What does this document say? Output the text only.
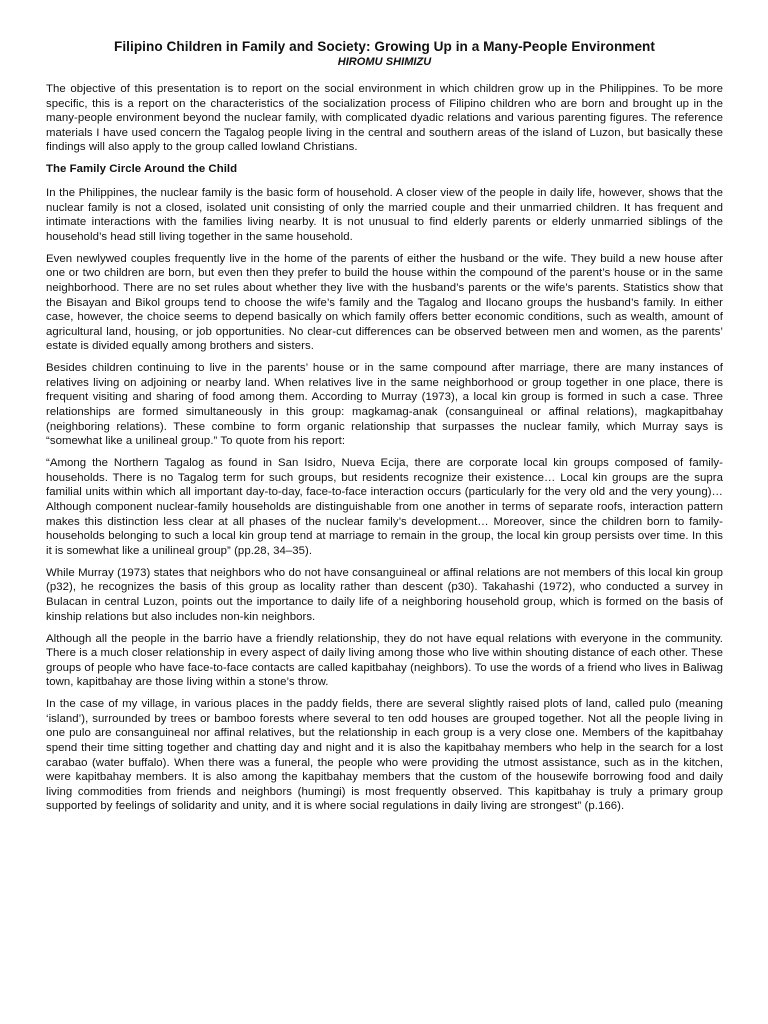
Filipino Children in Family and Society: Growing Up in a Many-People Environment
HIROMU SHIMIZU

The objective of this presentation is to report on the social environment in which children grow up in the Philippines. To be more specific, this is a report on the characteristics of the socialization process of Filipino children who are born and brought up in the many-people environment beyond the nuclear family, with complicated dyadic relations and various parenting figures. The reference materials I have used concern the Tagalog people living in the central and southern areas of the island of Luzon, but basically these findings will also apply to the group called lowland Christians.

The Family Circle Around the Child

In the Philippines, the nuclear family is the basic form of household. A closer view of the people in daily life, however, shows that the nuclear family is not a closed, isolated unit consisting of only the married couple and their unmarried children. It has frequent and intimate interactions with the families living nearby. It is not unusual to find elderly parents or elderly unmarried siblings of the household’s head still living together in the same household.

Even newlywed couples frequently live in the home of the parents of either the husband or the wife. They build a new house after one or two children are born, but even then they prefer to build the house within the compound of the parent’s house or in the same neighborhood. There are no set rules about whether they live with the husband’s parents or the wife’s parents. Statistics show that the Bisayan and Bikol groups tend to choose the wife’s family and the Tagalog and Ilocano groups the husband’s family. In either case, however, the choice seems to depend basically on which family offers better economic conditions, such as wealth, amount of agricultural land, housing, or job opportunities. No clear-cut differences can be observed between men and women, as the parents’ estate is divided equally among brothers and sisters.

Besides children continuing to live in the parents’ house or in the same compound after marriage, there are many instances of relatives living on adjoining or nearby land. When relatives live in the same neighborhood or group together in one place, there is frequent visiting and sharing of food among them. According to Murray (1973), a local kin group is formed in such a case. Three relationships are formed simultaneously in this group: magkamag-anak (consanguineal or affinal relations), magkapitbahay (neighboring relations). These combine to form organic relationship that surpasses the nuclear family, which Murray says is “somewhat like a unilineal group.” To quote from his report:

“Among the Northern Tagalog as found in San Isidro, Nueva Ecija, there are corporate local kin groups composed of family-households. There is no Tagalog term for such groups, but residents recognize their existence… Local kin groups are the supra familial units within which all important day-to-day, face-to-face interaction occurs (particularly for the very old and the very young)… Although component nuclear-family households are distinguishable from one another in terms of separate roofs, interaction pattern makes this distinction less clear at all phases of the nuclear family’s development… Moreover, since the children born to family-households belonging to such a local kin group tend at marriage to remain in the group, the local kin group persists over time. In this it is somewhat like a unilineal group” (pp.28, 34–35).

While Murray (1973) states that neighbors who do not have consanguineal or affinal relations are not members of this local kin group (p32), he recognizes the basis of this group as locality rather than descent (p30). Takahashi (1972), who conducted a survey in Bulacan in central Luzon, points out the importance to daily life of a neighboring household group, which is formed on the basis of kinship relations but also includes non-kin neighbors.

Although all the people in the barrio have a friendly relationship, they do not have equal relations with everyone in the community. There is a much closer relationship in every aspect of daily living among those who live within shouting distance of each other. These groups of people who have face-to-face contacts are called kapitbahay (neighbors). To use the words of a friend who lives in Baliwag town, kapitbahay are those living within a stone’s throw.

In the case of my village, in various places in the paddy fields, there are several slightly raised plots of land, called pulo (meaning ‘island’), surrounded by trees or bamboo forests where several to ten odd houses are grouped together. Not all the people living in one pulo are consanguineal nor affinal relatives, but the relationship in each group is a very close one. Members of the kapitbahay spend their time sitting together and chatting day and night and it is also the kapitbahay members who help in the search for a lost carabao (water buffalo). When there was a funeral, the people who were providing the utmost assistance, such as in the kitchen, were kapitbahay members. It is also among the kapitbahay members that the custom of the housewife borrowing food and daily living commodities from friends and neighbors (humingi) is most frequently observed. This kapitbahay is truly a primary group supported by feelings of solidarity and unity, and it is where social regulations in daily living are strongest” (p.166).
